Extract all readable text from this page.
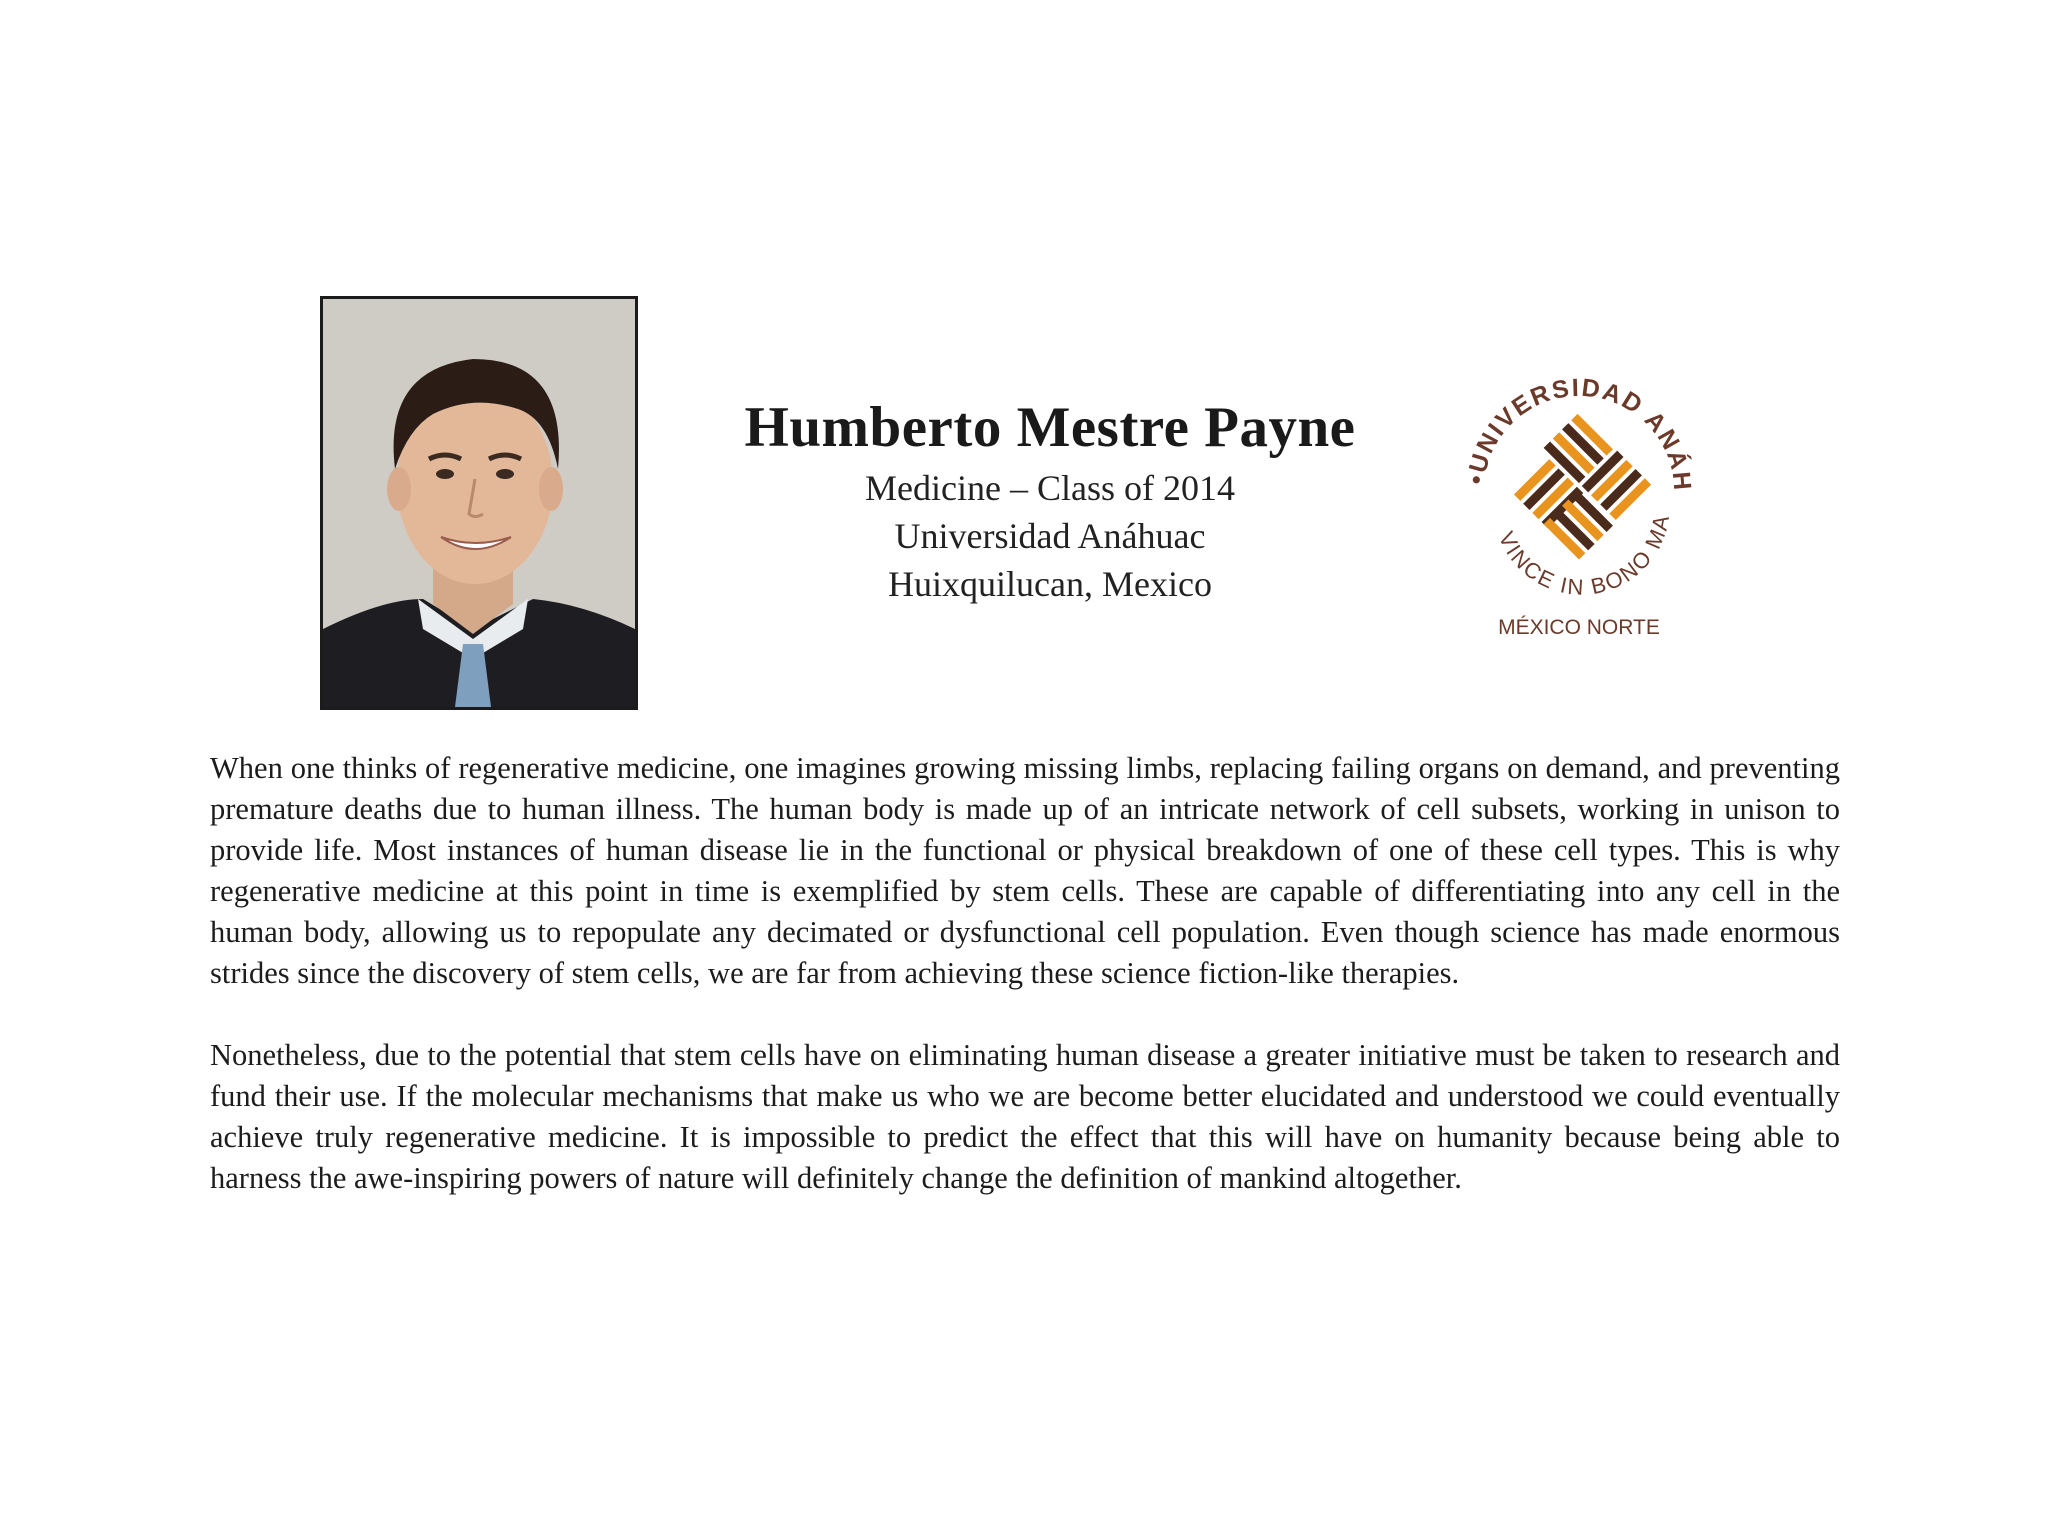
Humberto Mestre Payne

Medicine – Class of 2014

Universidad Anáhuac

Huixquilucan, Mexico

•UNIVERSIDAD ANÁH
VINCE IN BONO MA
MÉXICO NORTE

When one thinks of regenerative medicine, one imagines growing missing limbs, replacing failing organs on demand, and preventing premature deaths due to human illness. The human body is made up of an intricate network of cell subsets, working in unison to provide life. Most instances of human disease lie in the functional or physical breakdown of one of these cell types. This is why regenerative medicine at this point in time is exemplified by stem cells. These are capable of differentiating into any cell in the human body, allowing us to repopulate any decimated or dysfunctional cell population. Even though science has made enormous strides since the discovery of stem cells, we are far from achieving these science fiction-like therapies.

Nonetheless, due to the potential that stem cells have on eliminating human disease a greater initiative must be taken to research and fund their use. If the molecular mechanisms that make us who we are become better elucidated and understood we could eventually achieve truly regenerative medicine. It is impossible to predict the effect that this will have on humanity because being able to harness the awe-inspiring powers of nature will definitely change the definition of mankind altogether.
